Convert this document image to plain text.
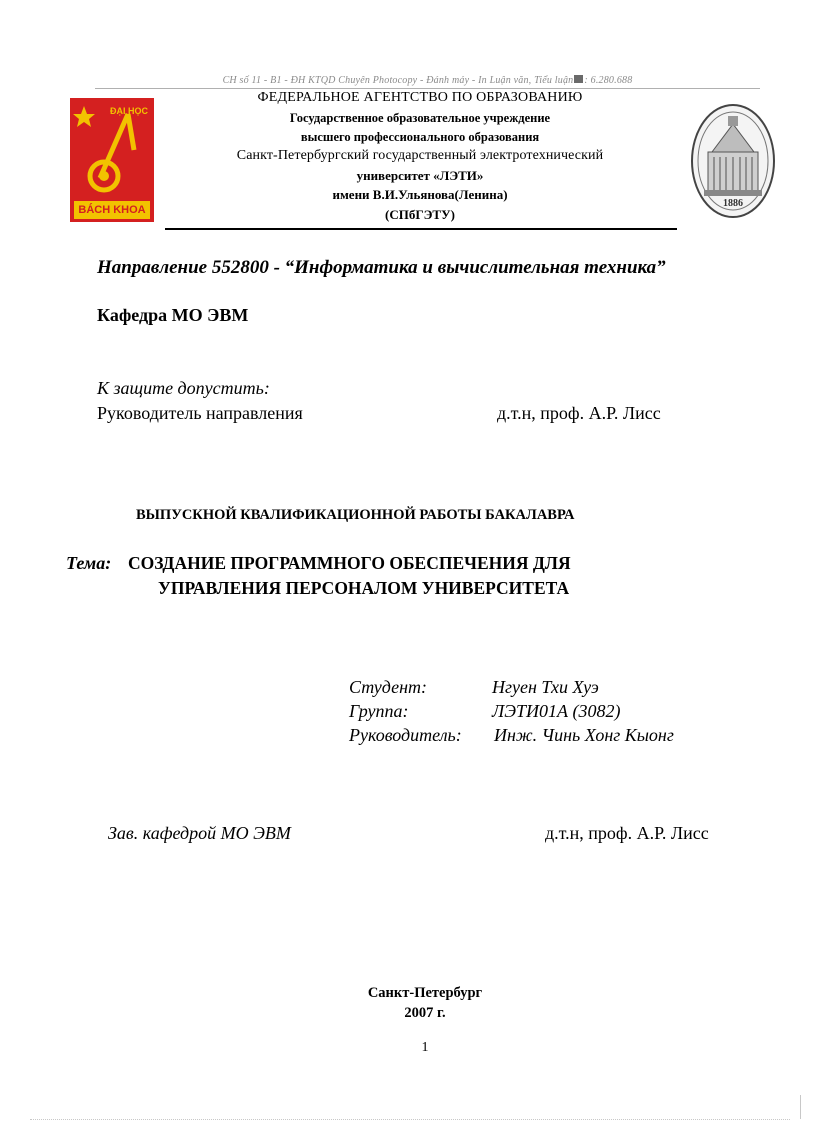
CH số 11 - B1 - ĐH KTQD Chuyên Photocopy - Đánh máy - In Luận văn, Tiểu luận : 6.280.688
ĐẠI HỌC
BÁCH KHOA
1886
ФЕДЕРАЛЬНОЕ АГЕНТСТВО ПО ОБРАЗОВАНИЮ
Государственное образовательное учреждение
высшего профессионального образования
Санкт-Петербургский государственный электротехнический
университет «ЛЭТИ»
имени В.И.Ульянова(Ленина)
(СПбГЭТУ)
Направление 552800 - “Информатика и вычислительная техника”
Кафедра МО ЭВМ
К защите допустить:
Руководитель направления	д.т.н, проф. А.Р. Лисс
ВЫПУСКНОЙ КВАЛИФИКАЦИОННОЙ РАБОТЫ БАКАЛАВРА
Тема: СОЗДАНИЕ ПРОГРАММНОГО ОБЕСПЕЧЕНИЯ ДЛЯ
УПРАВЛЕНИЯ ПЕРСОНАЛОМ УНИВЕРСИТЕТА
Студент:	Нгуен Тхи Хуэ
Группа:	ЛЭТИ01А (3082)
Руководитель: Инж. Чинь Хонг Кыонг
Зав. кафедрой МО ЭВМ	д.т.н, проф. А.Р. Лисс
Санкт-Петербург
2007 г.
1
